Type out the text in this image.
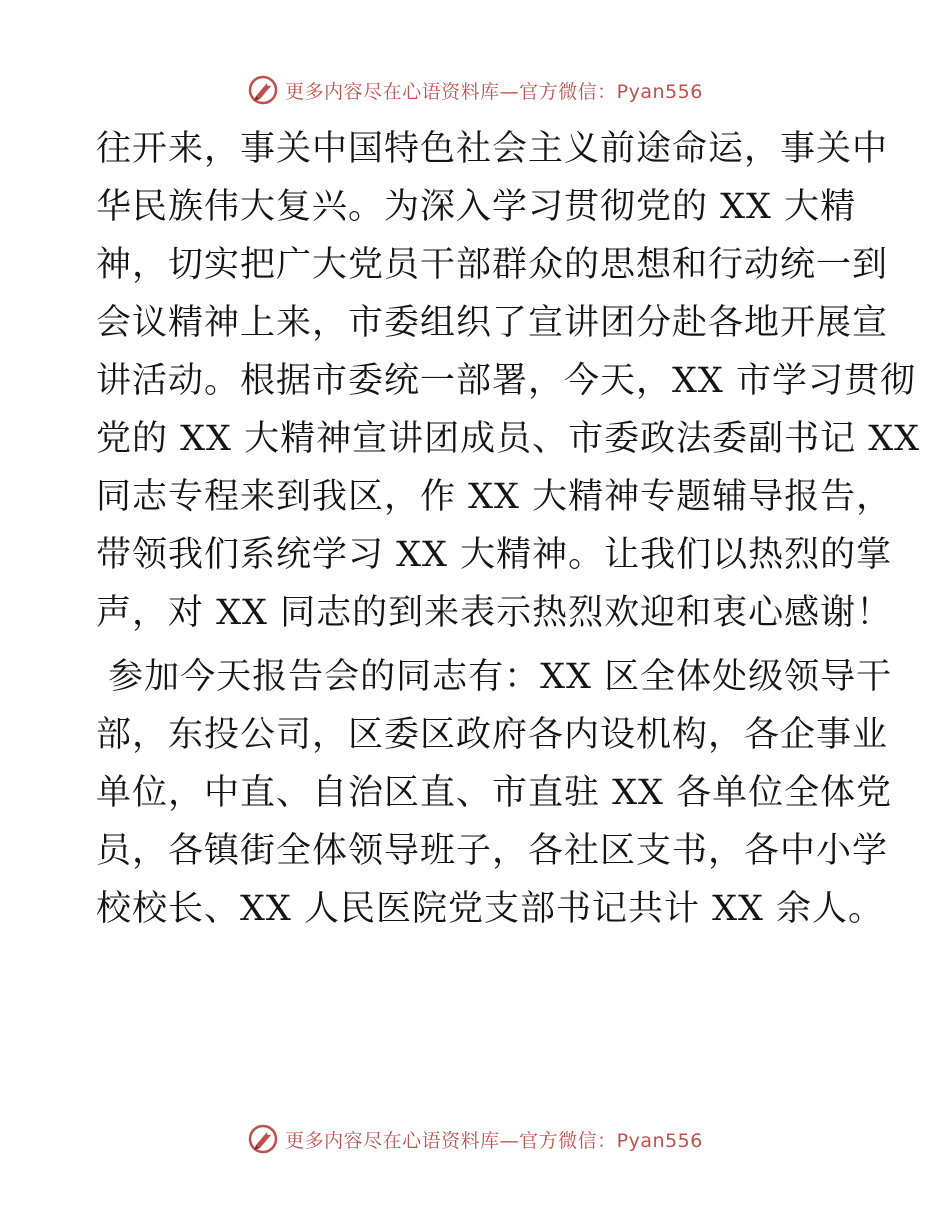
更多内容尽在心语资料库—官方微信：Pyan556
往开来，事关中国特色社会主义前途命运，事关中
华民族伟大复兴。为深入学习贯彻党的 XX 大精
神，切实把广大党员干部群众的思想和行动统一到
会议精神上来，市委组织了宣讲团分赴各地开展宣
讲活动。根据市委统一部署，今天，XX 市学习贯彻
党的 XX 大精神宣讲团成员、市委政法委副书记 XX
同志专程来到我区，作 XX 大精神专题辅导报告，
带领我们系统学习 XX 大精神。让我们以热烈的掌
声，对 XX 同志的到来表示热烈欢迎和衷心感谢！
参加今天报告会的同志有：XX 区全体处级领导干
部，东投公司，区委区政府各内设机构，各企事业
单位，中直、自治区直、市直驻 XX 各单位全体党
员，各镇街全体领导班子，各社区支书，各中小学
校校长、XX 人民医院党支部书记共计 XX 余人。
更多内容尽在心语资料库—官方微信：Pyan556
